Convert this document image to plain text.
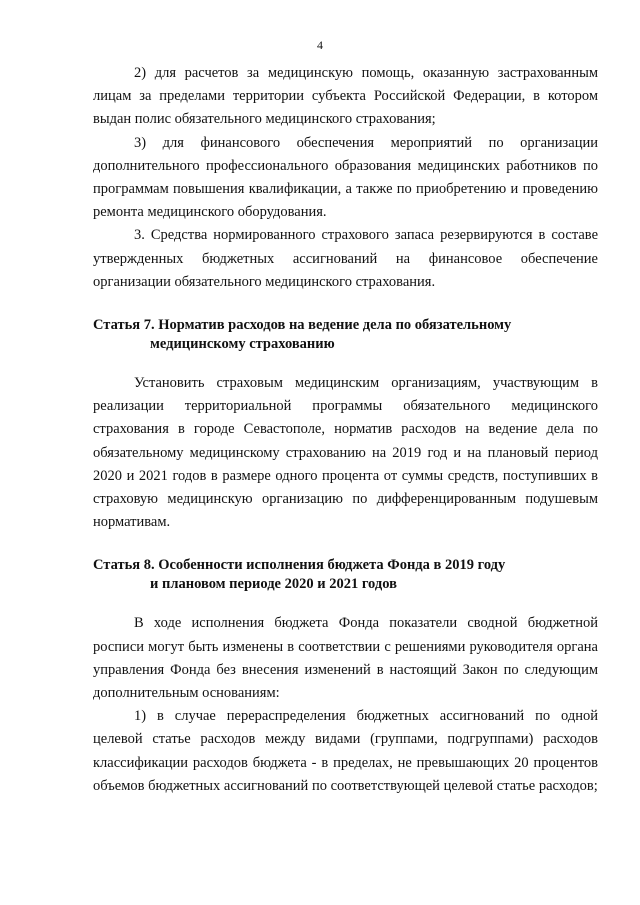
4

2) для расчетов за медицинскую помощь, оказанную застрахованным лицам за пределами территории субъекта Российской Федерации, в котором выдан полис обязательного медицинского страхования;

3) для финансового обеспечения мероприятий по организации дополнительного профессионального образования медицинских работников по программам повышения квалификации, а также по приобретению и проведению ремонта медицинского оборудования.

3. Средства нормированного страхового запаса резервируются в составе утвержденных бюджетных ассигнований на финансовое обеспечение организации обязательного медицинского страхования.

Статья 7. Норматив расходов на ведение дела по обязательному
медицинскому страхованию

Установить страховым медицинским организациям, участвующим в реализации территориальной программы обязательного медицинского страхования в городе Севастополе, норматив расходов на ведение дела по обязательному медицинскому страхованию на 2019 год и на плановый период 2020 и 2021 годов в размере одного процента от суммы средств, поступивших в страховую медицинскую организацию по дифференцированным подушевым нормативам.

Статья 8. Особенности исполнения бюджета Фонда в 2019 году
и плановом периоде 2020 и 2021 годов

В ходе исполнения бюджета Фонда показатели сводной бюджетной росписи могут быть изменены в соответствии с решениями руководителя органа управления Фонда без внесения изменений в настоящий Закон по следующим дополнительным основаниям:

1) в случае перераспределения бюджетных ассигнований по одной целевой статье расходов между видами (группами, подгруппами) расходов классификации расходов бюджета - в пределах, не превышающих 20 процентов объемов бюджетных ассигнований по соответствующей целевой статье расходов;
